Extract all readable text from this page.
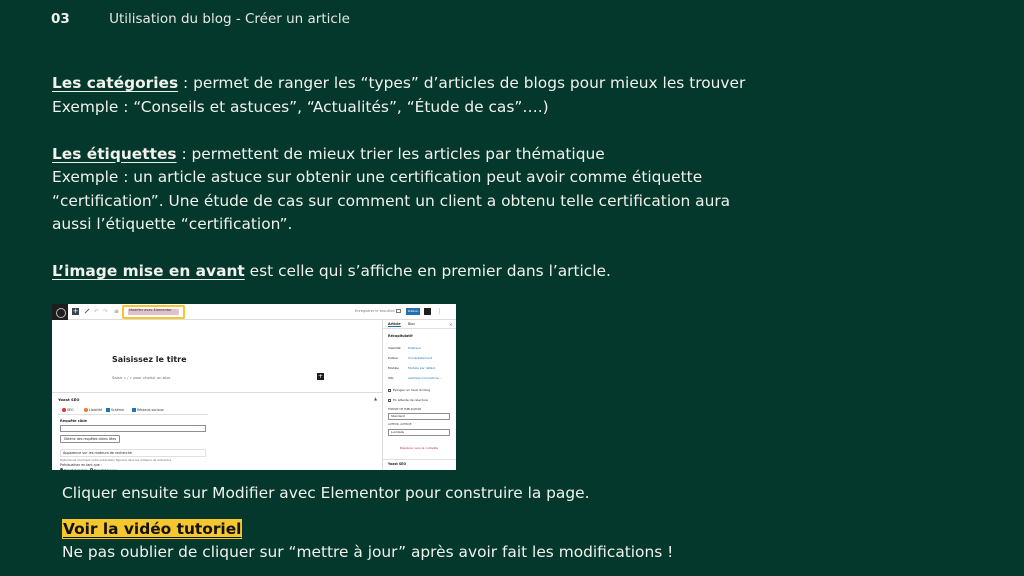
03	Utilisation du blog - Créer un article

Les catégories : permet de ranger les “types” d’articles de blogs pour mieux les trouver
Exemple : “Conseils et astuces”, “Actualités”, “Étude de cas”….)

Les étiquettes : permettent de mieux trier les articles par thématique
Exemple : un article astuce sur obtenir une certification peut avoir comme étiquette
“certification”. Une étude de cas sur comment un client a obtenu telle certification aura
aussi l’étiquette “certification”.

L’image mise en avant est celle qui s’affiche en premier dans l’article.

+	↶ ↷ ≡	Modifier avec Elementor	Enregistrer le brouillon	Publier	⋮
Saisissez le titre
Saisir « / » pour choisir un bloc	+
Yoast SEO	▲
SEO	Lisibilité	Schéma	Réseaux sociaux
Requête cible
Obtenir des requêtes cibles liées
Apparence sur les moteurs de recherche
Déterminez comment votre publication figurera dans les moteurs de recherche.
Prévisualiser en tant que :
Résultat mobile	Résultat bureau
Article Bloc	×
Récapitulatif
Visibilité Publique
Publier	Immédiatement
Modèle	Modèle par défaut
URL	exemple.com/article...
Épingler en haut du blog
En attente de relecture
FORMAT DE PUBLICATION
Standard
AUTEUR, AUTRICE
Lucidalis
Déplacer vers la corbeille
Yoast SEO
Cliquer ensuite sur Modifier avec Elementor pour construire la page.
Voir la vidéo tutoriel
Ne pas oublier de cliquer sur “mettre à jour” après avoir fait les modifications !
